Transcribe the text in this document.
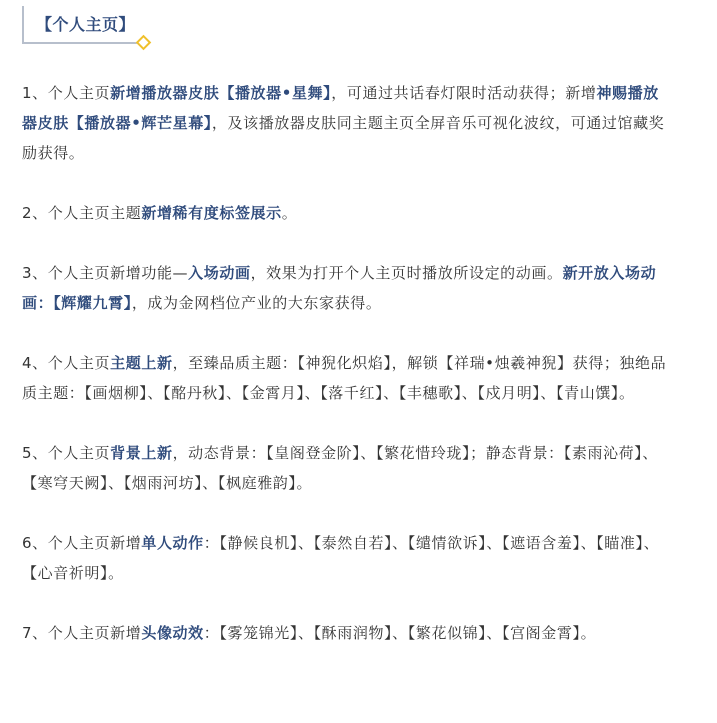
【个人主页】

1、个人主页新增播放器皮肤【播放器•星舞】，可通过共话春灯限时活动获得；新增神赐播放器皮肤【播放器•辉芒星幕】，及该播放器皮肤同主题主页全屏音乐可视化波纹，可通过馆藏奖励获得。

2、个人主页主题新增稀有度标签展示。

3、个人主页新增功能—入场动画，效果为打开个人主页时播放所设定的动画。新开放入场动画：【辉耀九霄】，成为金网档位产业的大东家获得。

4、个人主页主题上新，至臻品质主题：【神猊化炽焰】，解锁【祥瑞•烛羲神猊】获得；独绝品质主题：【画烟柳】、【酩丹秋】、【金霄月】、【落千红】、【丰穗歌】、【戍月明】、【青山馔】。

5、个人主页背景上新，动态背景：【皇阁登金阶】、【繁花惜玲珑】；静态背景：【素雨沁荷】、【寒穹天阙】、【烟雨河坊】、【枫庭雅韵】。

6、个人主页新增单人动作：【静候良机】、【泰然自若】、【缱情欲诉】、【遮语含羞】、【瞄准】、【心音祈明】。

7、个人主页新增头像动效：【雾笼锦光】、【酥雨润物】、【繁花似锦】、【宫阁金霄】。
